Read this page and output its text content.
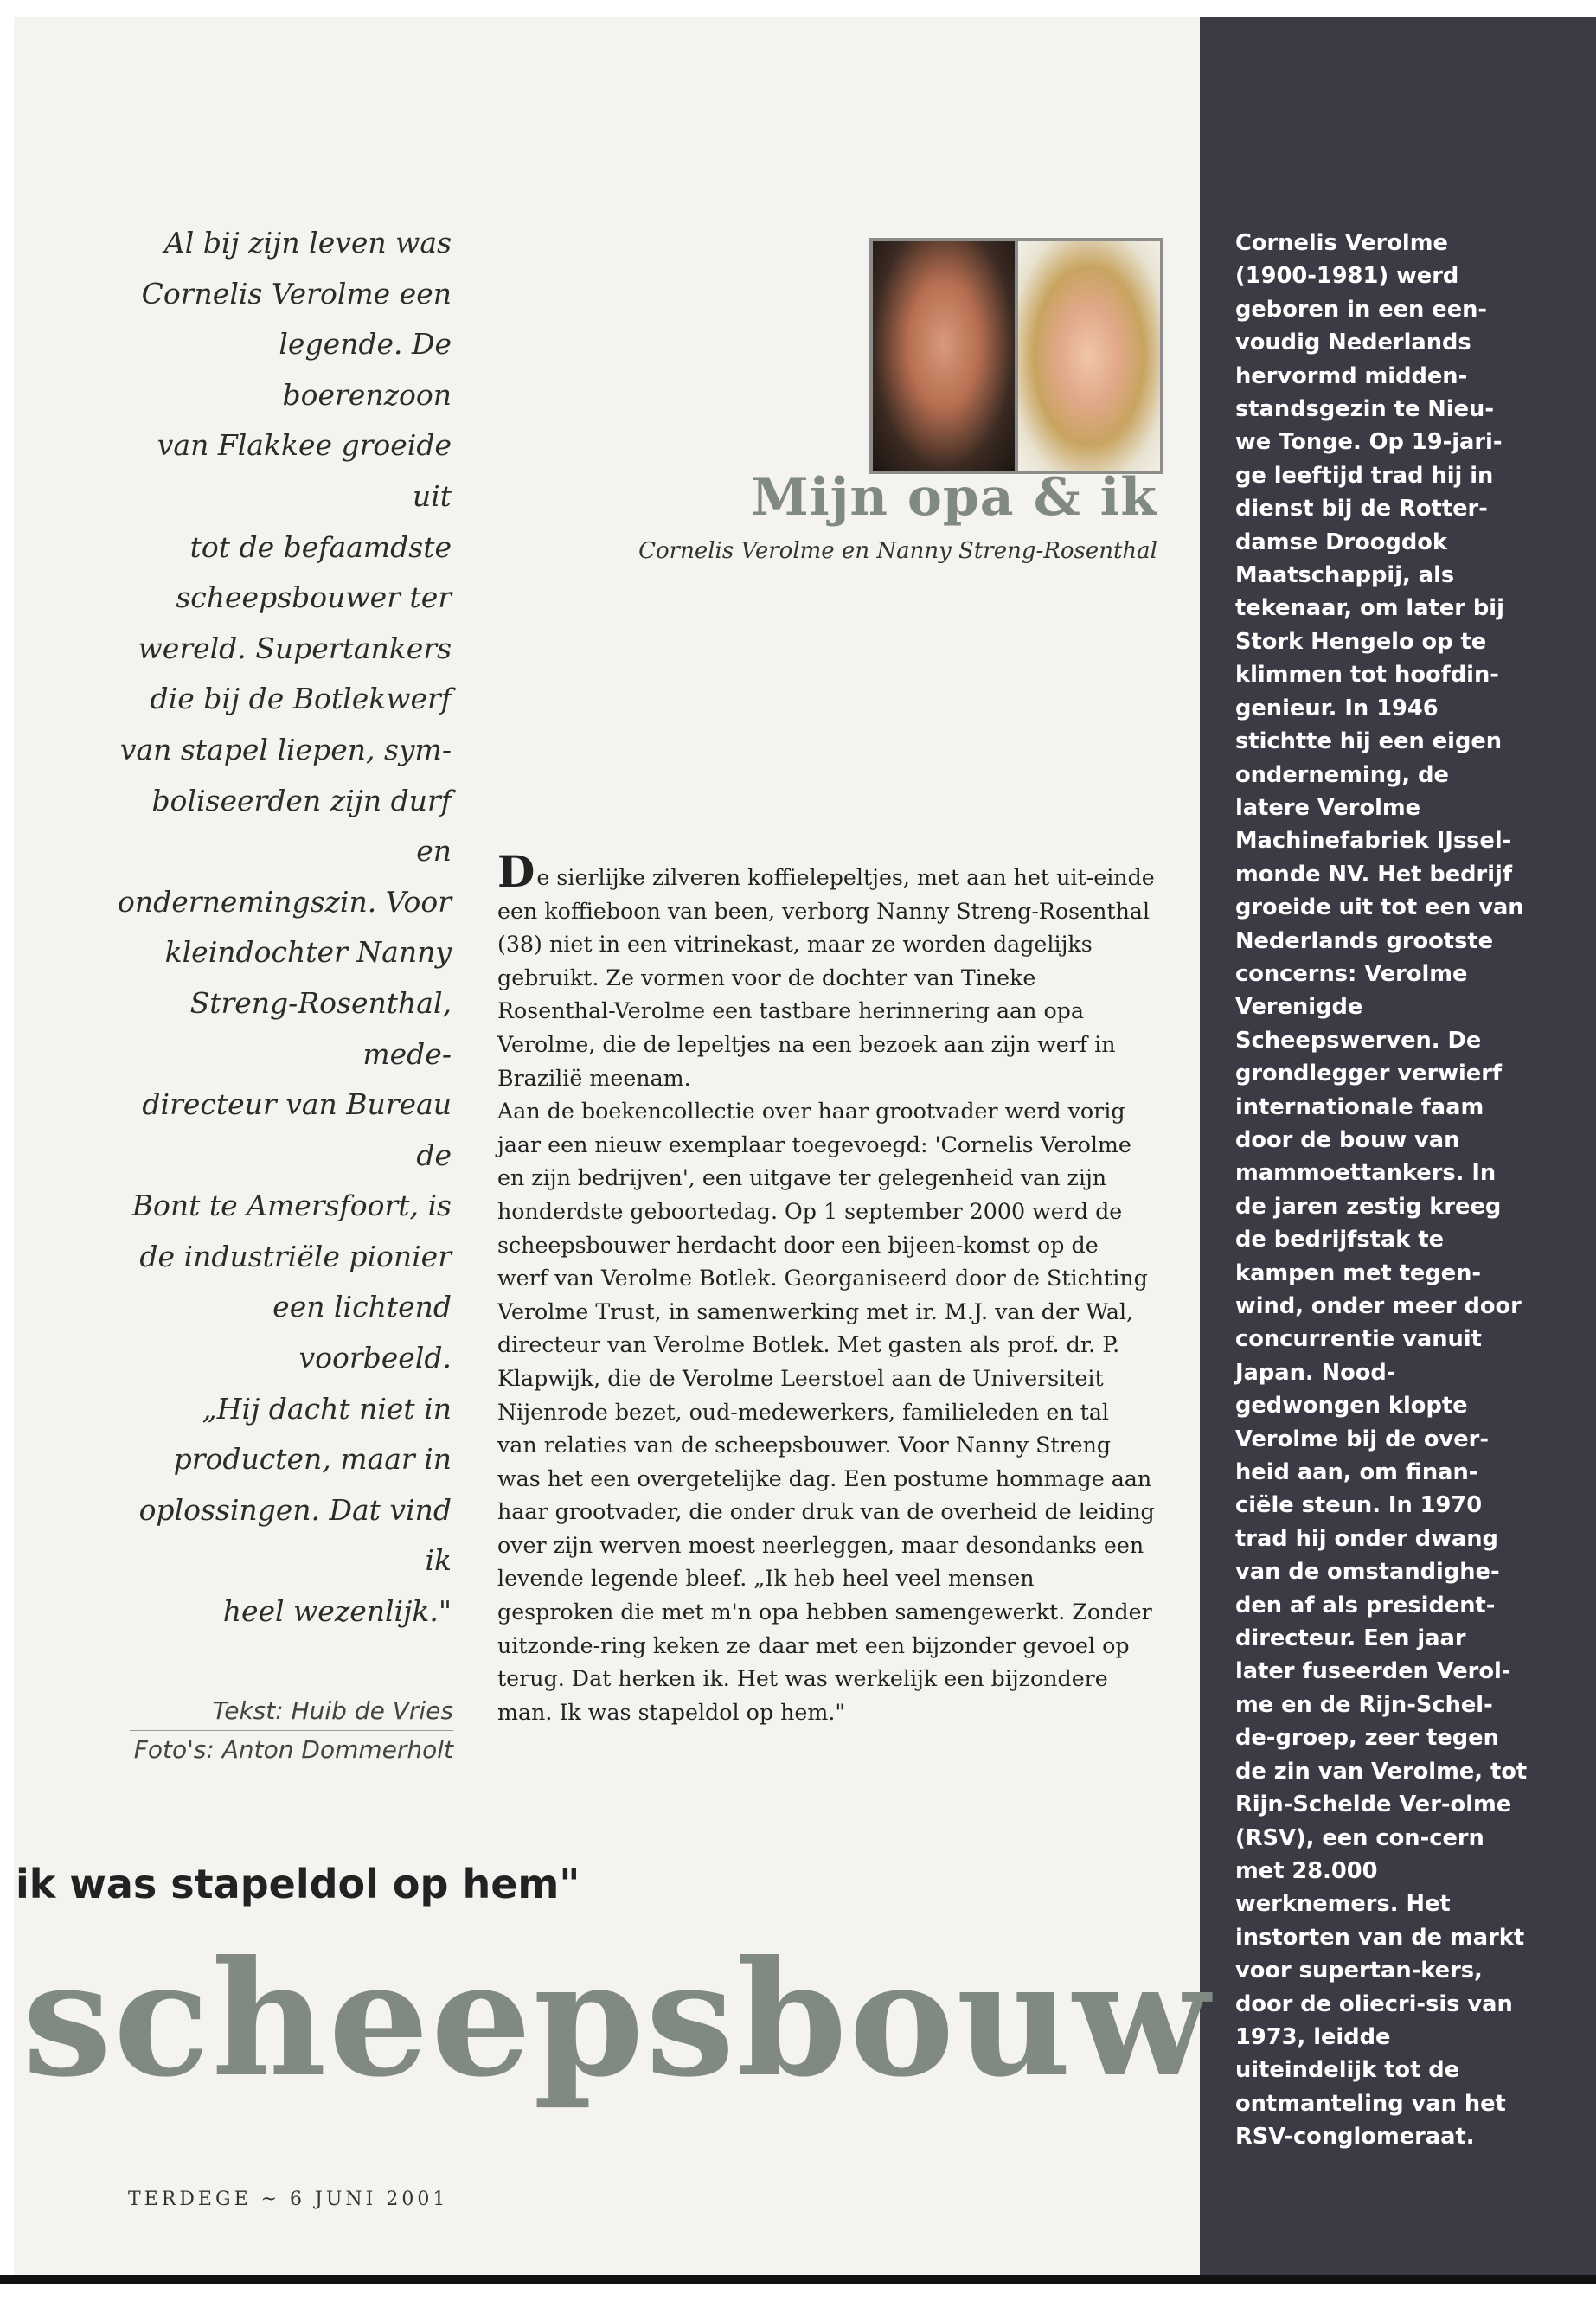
Al bij zijn leven was
Cornelis Verolme een
legende. De boerenzoon
van Flakkee groeide uit
tot de befaamdste
scheepsbouwer ter
wereld. Supertankers
die bij de Botlekwerf
van stapel liepen, sym-
boliseerden zijn durf en
ondernemingszin. Voor
kleindochter Nanny
Streng-Rosenthal, mede-
directeur van Bureau de
Bont te Amersfoort, is
de industriële pionier
een lichtend voorbeeld.
„Hij dacht niet in
producten, maar in
oplossingen. Dat vind ik
heel wezenlijk."
Tekst: Huib de Vries
Foto's: Anton Dommerholt
Mijn opa & ik
Cornelis Verolme en Nanny Streng-Rosenthal

De sierlijke zilveren koffielepeltjes, met aan het uit-einde een koffieboon van been, verborg Nanny Streng-Rosenthal (38) niet in een vitrinekast, maar ze worden dagelijks gebruikt. Ze vormen voor de dochter van Tineke Rosenthal-Verolme een tastbare herinnering aan opa Verolme, die de lepeltjes na een bezoek aan zijn werf in Brazilië meenam.

Aan de boekencollectie over haar grootvader werd vorig jaar een nieuw exemplaar toegevoegd: 'Cornelis Verolme en zijn bedrijven', een uitgave ter gelegenheid van zijn honderdste geboortedag. Op 1 september 2000 werd de scheepsbouwer herdacht door een bijeen-komst op de werf van Verolme Botlek. Georganiseerd door de Stichting Verolme Trust, in samenwerking met ir. M.J. van der Wal, directeur van Verolme Botlek. Met gasten als prof. dr. P. Klapwijk, die de Verolme Leerstoel aan de Universiteit Nijenrode bezet, oud-medewerkers, familieleden en tal van relaties van de scheepsbouwer. Voor Nanny Streng was het een overgetelijke dag. Een postume hommage aan haar grootvader, die onder druk van de overheid de leiding over zijn werven moest neerleggen, maar desondanks een levende legende bleef. „Ik heb heel veel mensen gesproken die met m'n opa hebben samengewerkt. Zonder uitzonde-ring keken ze daar met een bijzonder gevoel op terug. Dat herken ik. Het was werkelijk een bijzondere man. Ik was stapeldol op hem."

Cornelis Verolme (1900-1981) werd geboren in een een-voudig Nederlands hervormd midden-standsgezin te Nieu-we Tonge. Op 19-jari-ge leeftijd trad hij in dienst bij de Rotter-damse Droogdok Maatschappij, als tekenaar, om later bij Stork Hengelo op te klimmen tot hoofdin-genieur. In 1946 stichtte hij een eigen onderneming, de latere Verolme Machinefabriek IJssel-monde NV. Het bedrijf groeide uit tot een van Nederlands grootste concerns: Verolme Verenigde Scheepswerven. De grondlegger verwierf internationale faam door de bouw van mammoettankers. In de jaren zestig kreeg de bedrijfstak te kampen met tegen-wind, onder meer door concurrentie vanuit Japan. Nood-gedwongen klopte Verolme bij de over-heid aan, om finan-ciële steun. In 1970 trad hij onder dwang van de omstandighe-den af als president-directeur. Een jaar later fuseerden Verol-me en de Rijn-Schel-de-groep, zeer tegen de zin van Verolme, tot Rijn-Schelde Ver-olme (RSV), een con-cern met 28.000 werknemers. Het instorten van de markt voor supertan-kers, door de oliecri-sis van 1973, leidde uiteindelijk tot de ontmanteling van het RSV-conglomeraat.
ik was stapeldol op hem"
scheepsbouw
TERDEGE ~ 6 JUNI 2001
